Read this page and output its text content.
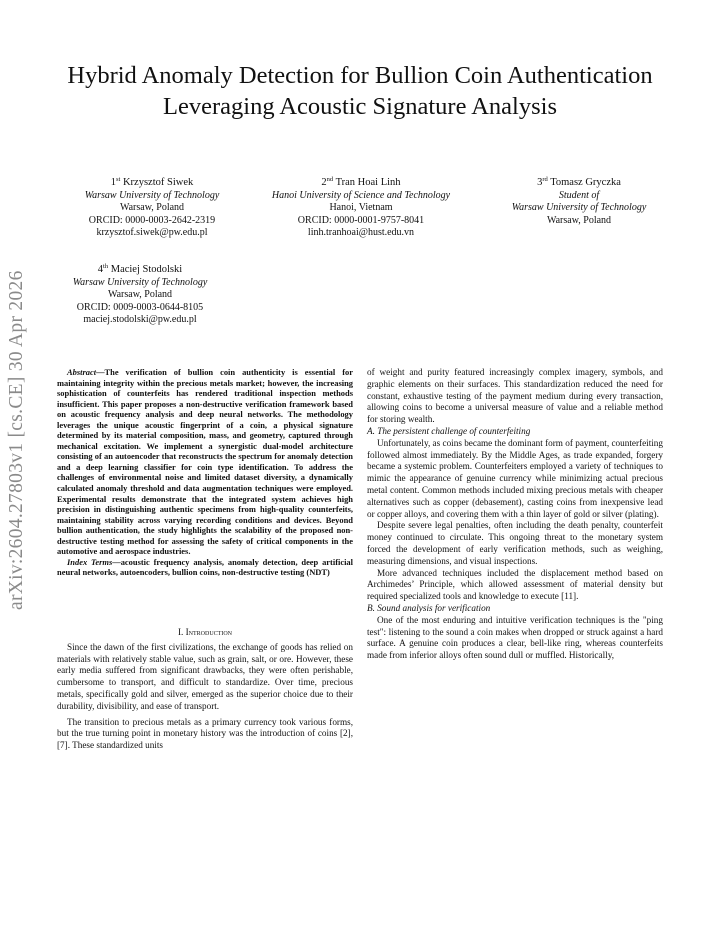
arXiv:2604.27803v1 [cs.CE] 30 Apr 2026
Hybrid Anomaly Detection for Bullion Coin Authentication Leveraging Acoustic Signature Analysis
1st Krzysztof Siwek
Warsaw University of Technology
Warsaw, Poland
ORCID: 0000-0003-2642-2319
krzysztof.siwek@pw.edu.pl
2nd Tran Hoai Linh
Hanoi University of Science and Technology
Hanoi, Vietnam
ORCID: 0000-0001-9757-8041
linh.tranhoai@hust.edu.vn
3rd Tomasz Gryczka
Student of
Warsaw University of Technology
Warsaw, Poland
4th Maciej Stodolski
Warsaw University of Technology
Warsaw, Poland
ORCID: 0009-0003-0644-8105
maciej.stodolski@pw.edu.pl

Abstract—The verification of bullion coin authenticity is essential for maintaining integrity within the precious metals market; however, the increasing sophistication of counterfeits has rendered traditional inspection methods insufficient. This paper proposes a non-destructive verification framework based on acoustic frequency analysis and deep neural networks. The methodology leverages the unique acoustic fingerprint of a coin, a physical signature determined by its material composition, mass, and geometry, captured through mechanical excitation. We implement a synergistic dual-model architecture consisting of an autoencoder that reconstructs the spectrum for anomaly detection and a deep learning classifier for coin type identification. To address the challenges of environmental noise and limited dataset diversity, a dynamically calculated anomaly threshold and data augmentation techniques were employed. Experimental results demonstrate that the integrated system achieves high precision in distinguishing authentic specimens from high-quality counterfeits, maintaining stability across varying recording conditions and devices. Beyond bullion authentication, the study highlights the scalability of the proposed non-destructive testing method for assessing the safety of critical components in the automotive and aerospace industries.

Index Terms—acoustic frequency analysis, anomaly detection, deep artificial neural networks, autoencoders, bullion coins, non-destructive testing (NDT)

I. Introduction

Since the dawn of the first civilizations, the exchange of goods has relied on materials with relatively stable value, such as grain, salt, or ore. However, these early media suffered from significant drawbacks, they were often perishable, cumbersome to transport, and difficult to standardize. Over time, precious metals, specifically gold and silver, emerged as the superior choice due to their durability, divisibility, and ease of transport.

The transition to precious metals as a primary currency took various forms, but the true turning point in monetary history was the introduction of coins [2], [7]. These standardized units

of weight and purity featured increasingly complex imagery, symbols, and graphic elements on their surfaces. This standardization reduced the need for constant, exhaustive testing of the payment medium during every transaction, allowing coins to become a universal measure of value and a reliable method for storing wealth.

A. The persistent challenge of counterfeiting

Unfortunately, as coins became the dominant form of payment, counterfeiting followed almost immediately. By the Middle Ages, as trade expanded, forgery became a systemic problem. Counterfeiters employed a variety of techniques to mimic the appearance of genuine currency while minimizing actual precious metal content. Common methods included mixing precious metals with cheaper alternatives such as copper (debasement), casting coins from inexpensive lead or copper alloys, and covering them with a thin layer of gold or silver (plating).

Despite severe legal penalties, often including the death penalty, counterfeit money continued to circulate. This ongoing threat to the monetary system forced the development of early verification methods, such as weighing, measuring dimensions, and visual inspections.

More advanced techniques included the displacement method based on Archimedes’ Principle, which allowed assessment of material density but required specialized tools and knowledge to execute [11].

B. Sound analysis for verification

One of the most enduring and intuitive verification techniques is the "ping test": listening to the sound a coin makes when dropped or struck against a hard surface. A genuine coin produces a clear, bell-like ring, whereas counterfeits made from inferior alloys often sound dull or muffled. Historically,
